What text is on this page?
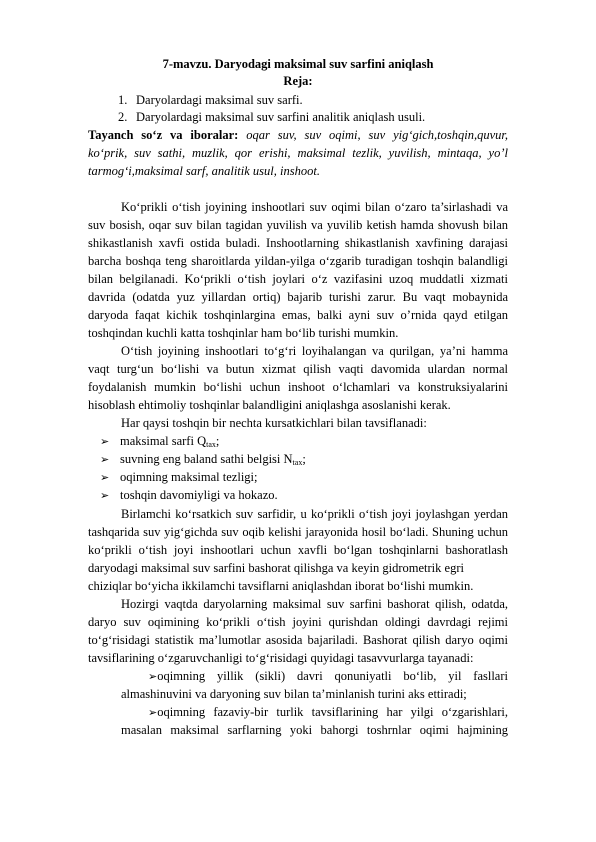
7-mavzu. Daryodagi maksimal suv sarfini aniqlash
Reja:
1. Daryolardagi maksimal suv sarfi.
2. Daryolardagi maksimal suv sarfini analitik aniqlash usuli.
Tayanch so‘z va iboralar: oqar suv, suv oqimi, suv yig‘gich,toshqin,quvur,
ko‘prik, suv sathi, muzlik, qor erishi, maksimal tezlik, yuvilish, mintaqa, yo’l
tarmog‘i,maksimal sarf, analitik usul, inshoot.
Ko‘prikli o‘tish joyining inshootlari suv oqimi bilan o‘zaro ta’sirlashadi va
suv bosish, oqar suv bilan tagidan yuvilish va yuvilib ketish hamda shovush bilan
shikastlanish xavfi ostida buladi. Inshootlarning shikastlanish xavfining darajasi
barcha boshqa teng sharoitlarda yildan-yilga o‘zgarib turadigan toshqin balandligi
bilan belgilanadi. Ko‘prikli o‘tish joylari o‘z vazifasini uzoq muddatli xizmati
davrida (odatda yuz yillardan ortiq) bajarib turishi zarur. Bu vaqt mobaynida
daryoda faqat kichik toshqinlargina emas, balki ayni suv o’rnida qayd etilgan
toshqindan kuchli katta toshqinlar ham bo‘lib turishi mumkin.
O‘tish joyining inshootlari to‘g‘ri loyihalangan va qurilgan, ya’ni hamma
vaqt turg‘un bo‘lishi va butun xizmat qilish vaqti davomida ulardan normal
foydalanish mumkin bo‘lishi uchun inshoot o‘lchamlari va konstruksiyalarini
hisoblash ehtimoliy toshqinlar balandligini aniqlashga asoslanishi kerak.
Har qaysi toshqin bir nechta kursatkichlari bilan tavsiflanadi:
➢ maksimal sarfi $Q_{tax}$;
➢ suvning eng baland sathi belgisi $N_{tax}$;
➢ oqimning maksimal tezligi;
➢ toshqin davomiyligi va hokazo.
Birlamchi ko‘rsatkich suv sarfidir, u ko‘prikli o‘tish joyi joylashgan yerdan
tashqarida suv yig‘gichda suv oqib kelishi jarayonida hosil bo‘ladi. Shuning uchun
ko‘prikli o‘tish joyi inshootlari uchun xavfli bo‘lgan toshqinlarni bashoratlash
daryodagi maksimal suv sarfini bashorat qilishga va keyin gidrometrik egri
chiziqlar bo‘yicha ikkilamchi tavsiflarni aniqlashdan iborat bo‘lishi mumkin.
Hozirgi vaqtda daryolarning maksimal suv sarfini bashorat qilish, odatda,
daryo suv oqimining ko‘prikli o‘tish joyini qurishdan oldingi davrdagi rejimi
to‘g‘risidagi statistik ma’lumotlar asosida bajariladi. Bashorat qilish daryo oqimi
tavsiflarining o‘zgaruvchanligi to‘g‘risidagi quyidagi tasavvurlarga tayanadi:
➢oqimning yillik (sikli) davri qonuniyatli bo‘lib, yil fasllari
almashinuvini va daryoning suv bilan ta’minlanish turini aks ettiradi;
➢oqimning fazaviy-bir turlik tavsiflarining har yilgi o‘zgarishlari,
masalan maksimal sarflarning yoki bahorgi toshrnlar oqimi hajmining
